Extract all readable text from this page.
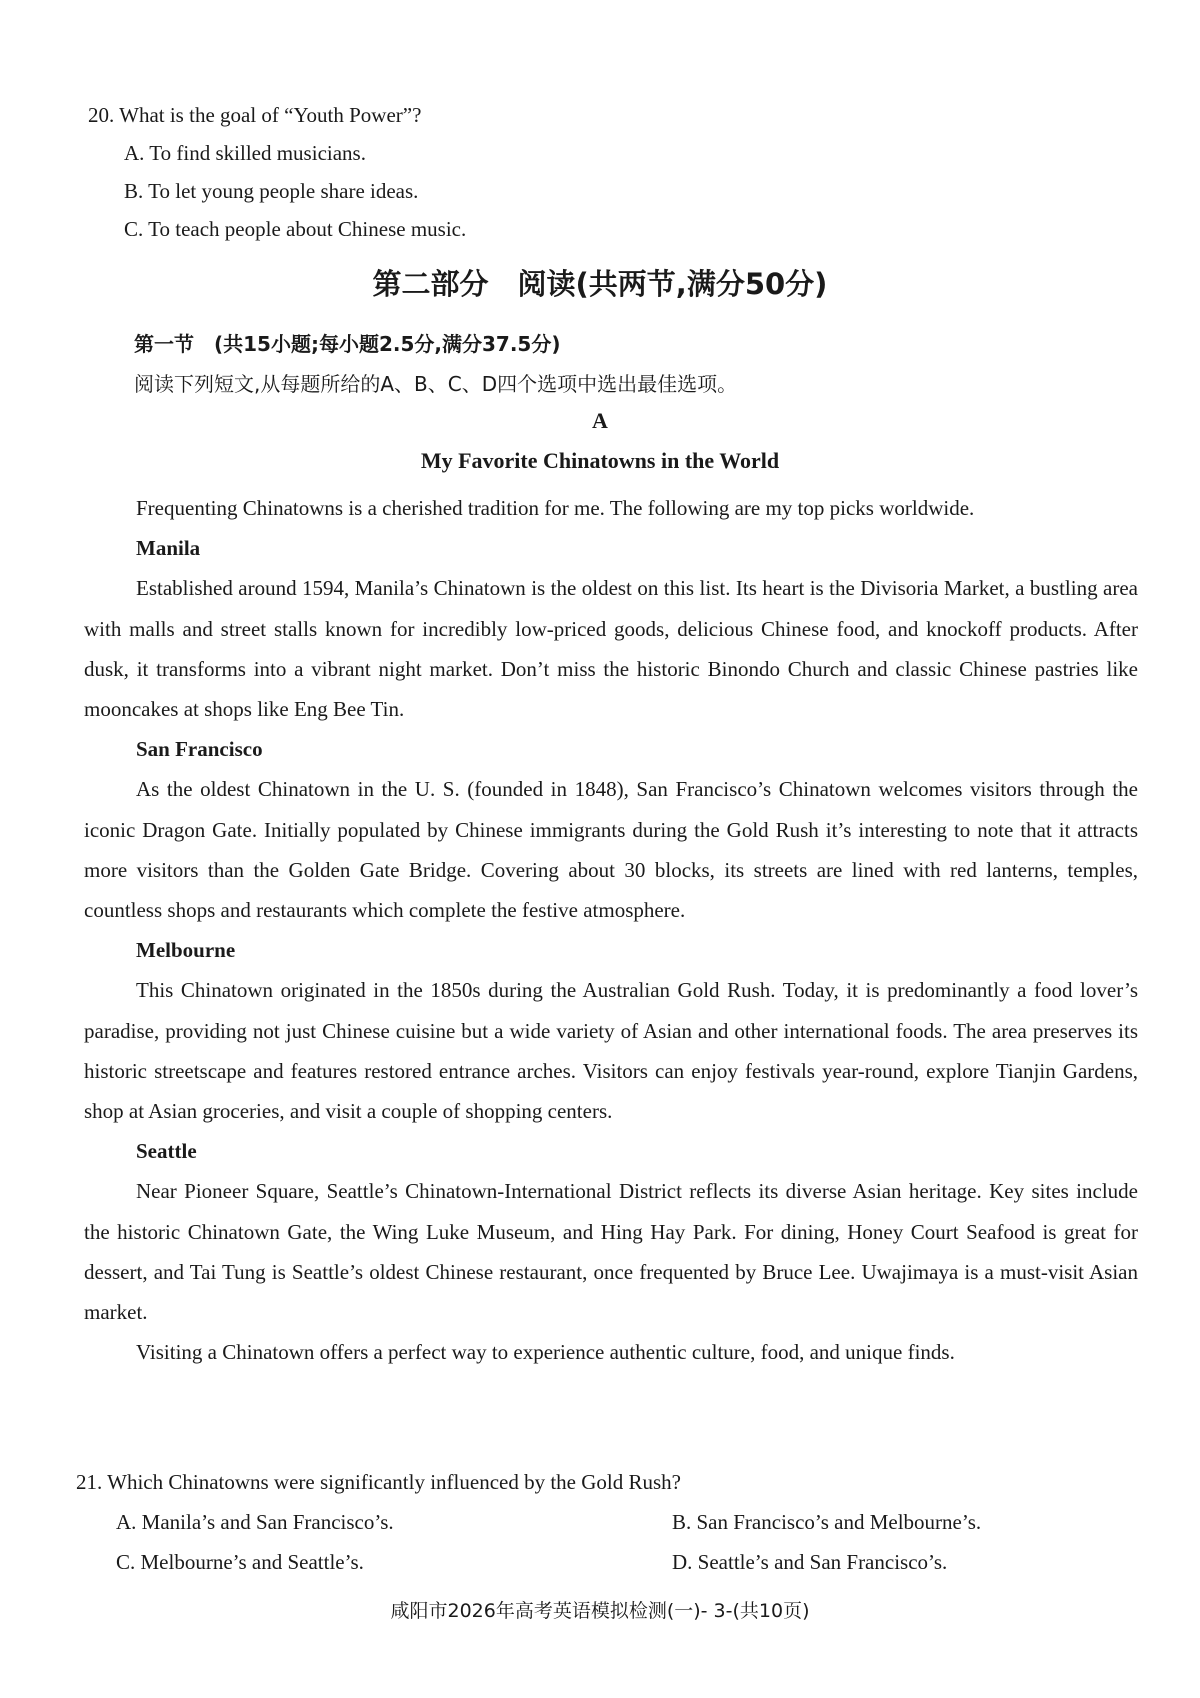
20. What is the goal of “Youth Power”?
A. To find skilled musicians.
B. To let young people share ideas.
C. To teach people about Chinese music.
第二部分　阅读(共两节,满分50分)
第一节　(共15小题;每小题2.5分,满分37.5分)
阅读下列短文,从每题所给的A、B、C、D四个选项中选出最佳选项。
A
My Favorite Chinatowns in the World

Frequenting Chinatowns is a cherished tradition for me. The following are my top picks worldwide.

Manila

Established around 1594, Manila’s Chinatown is the oldest on this list. Its heart is the Divisoria Market, a bustling area with malls and street stalls known for incredibly low-priced goods, delicious Chinese food, and knockoff products. After dusk, it transforms into a vibrant night market. Don’t miss the historic Binondo Church and classic Chinese pastries like mooncakes at shops like Eng Bee Tin.

San Francisco

As the oldest Chinatown in the U. S. (founded in 1848), San Francisco’s Chinatown welcomes visitors through the iconic Dragon Gate. Initially populated by Chinese immigrants during the Gold Rush it’s interesting to note that it attracts more visitors than the Golden Gate Bridge. Covering about 30 blocks, its streets are lined with red lanterns, temples, countless shops and restaurants which complete the festive atmosphere.

Melbourne

This Chinatown originated in the 1850s during the Australian Gold Rush. Today, it is predominantly a food lover’s paradise, providing not just Chinese cuisine but a wide variety of Asian and other international foods. The area preserves its historic streetscape and features restored entrance arches. Visitors can enjoy festivals year-round, explore Tianjin Gardens, shop at Asian groceries, and visit a couple of shopping centers.

Seattle

Near Pioneer Square, Seattle’s Chinatown-International District reflects its diverse Asian heritage. Key sites include the historic Chinatown Gate, the Wing Luke Museum, and Hing Hay Park. For dining, Honey Court Seafood is great for dessert, and Tai Tung is Seattle’s oldest Chinese restaurant, once frequented by Bruce Lee. Uwajimaya is a must-visit Asian market.

Visiting a Chinatown offers a perfect way to experience authentic culture, food, and unique finds.

21. Which Chinatowns were significantly influenced by the Gold Rush?
A. Manila’s and San Francisco’s.	B. San Francisco’s and Melbourne’s.
C. Melbourne’s and Seattle’s.	D. Seattle’s and San Francisco’s.
咸阳市2026年高考英语模拟检测(一)- 3-(共10页)
